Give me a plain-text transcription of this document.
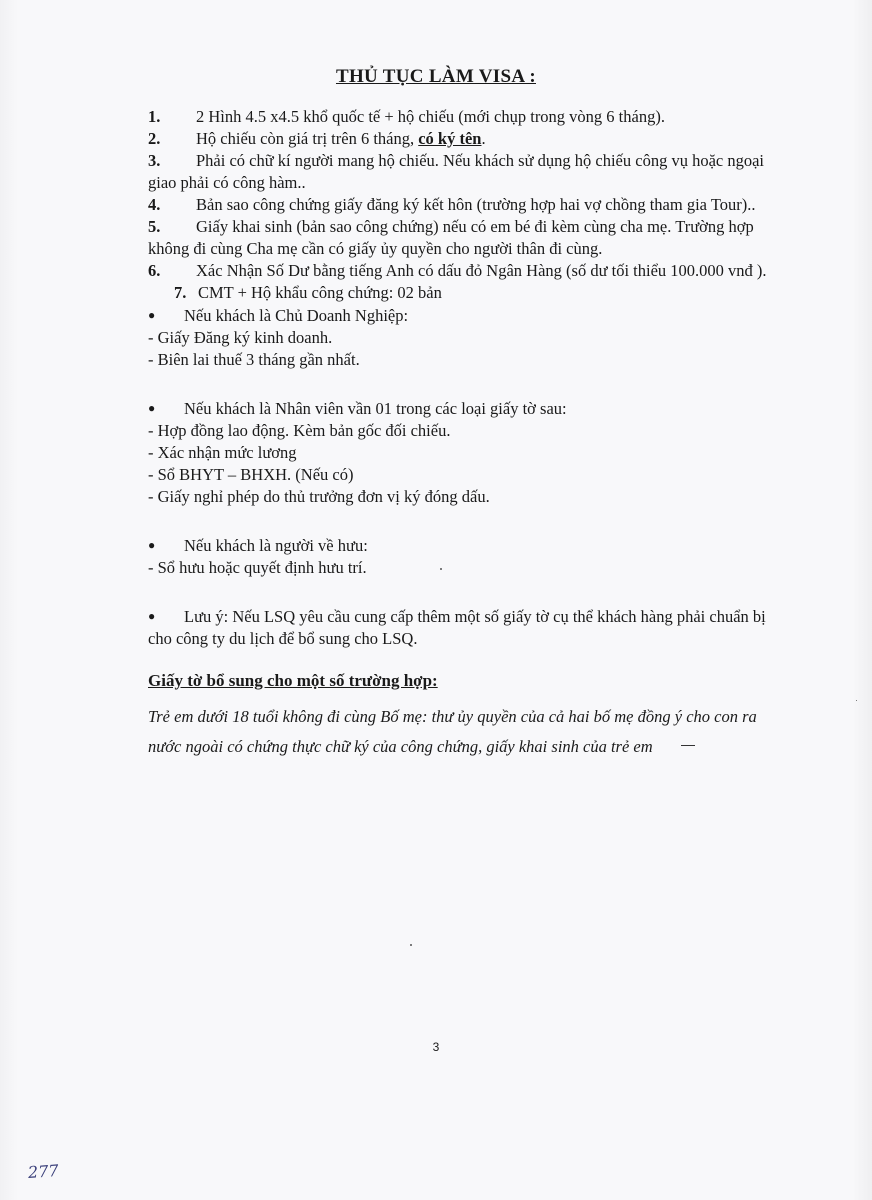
THỦ TỤC LÀM VISA :

1. 2 Hình 4.5 x4.5 khổ quốc tế + hộ chiếu (mới chụp trong vòng 6 tháng).

2. Hộ chiếu còn giá trị trên 6 tháng, có ký tên.

3. Phải có chữ kí người mang hộ chiếu. Nếu khách sử dụng hộ chiếu công vụ hoặc ngoại giao phải có công hàm..

4. Bản sao công chứng giấy đăng ký kết hôn (trường hợp hai vợ chồng tham gia Tour)..

5. Giấy khai sinh (bản sao công chứng) nếu có em bé đi kèm cùng cha mẹ. Trường hợp không đi cùng Cha mẹ cần có giấy ủy quyền cho người thân đi cùng.

6. Xác Nhận Số Dư bằng tiếng Anh có dấu đỏ Ngân Hàng (số dư tối thiểu 100.000 vnđ ).

7. CMT + Hộ khẩu công chứng: 02 bản

● Nếu khách là Chủ Doanh Nghiệp:

- Giấy Đăng ký kinh doanh.

- Biên lai thuế 3 tháng gần nhất.

● Nếu khách là Nhân viên vần 01 trong các loại giấy tờ sau:

- Hợp đồng lao động. Kèm bản gốc đối chiếu.

- Xác nhận mức lương

- Sổ BHYT – BHXH. (Nếu có)

- Giấy nghỉ phép do thủ trưởng đơn vị ký đóng dấu.

● Nếu khách là người về hưu:

- Sổ hưu hoặc quyết định hưu trí.

● Lưu ý: Nếu LSQ yêu cầu cung cấp thêm một số giấy tờ cụ thể khách hàng phải chuẩn bị cho công ty du lịch để bổ sung cho LSQ.

Giấy tờ bổ sung cho một số trường hợp:
Trẻ em dưới 18 tuổi không đi cùng Bố mẹ: thư ủy quyền của cả hai bố mẹ đồng ý cho con ra nước ngoài có chứng thực chữ ký của công chứng, giấy khai sinh của trẻ em
3
277
